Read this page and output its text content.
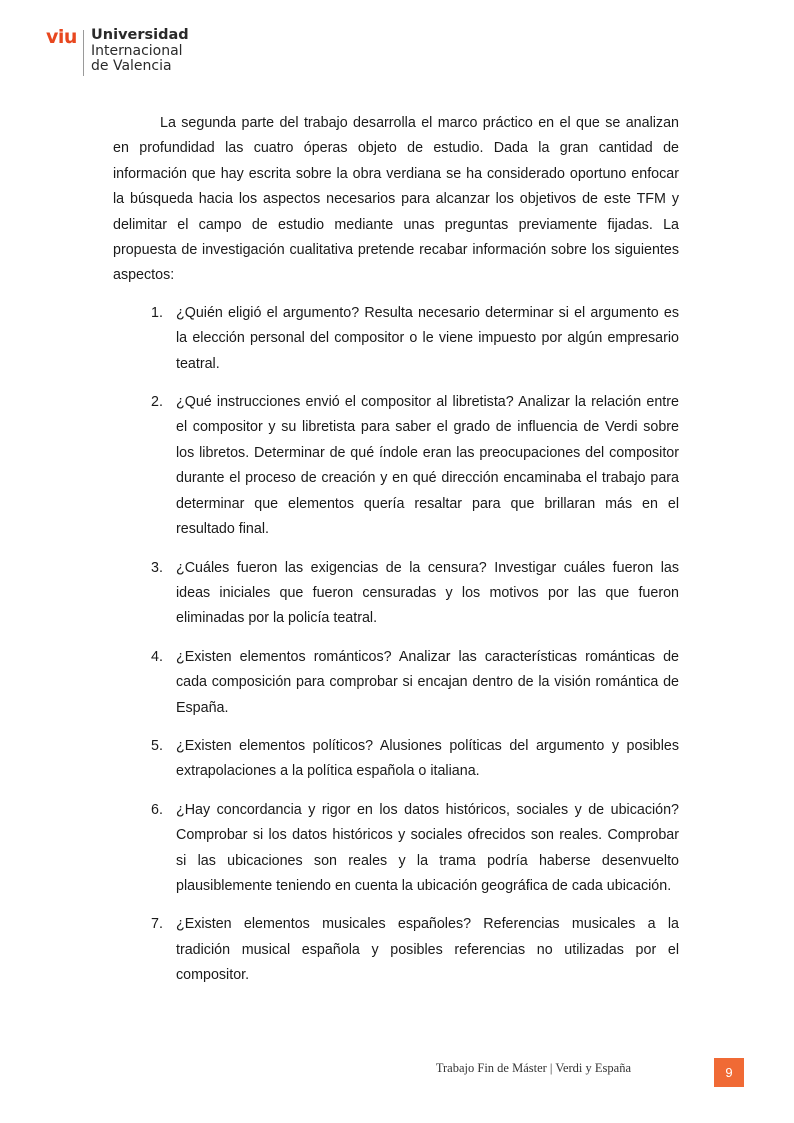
viu Universidad
Internacional
de Valencia

La segunda parte del trabajo desarrolla el marco práctico en el que se analizan en profundidad las cuatro óperas objeto de estudio. Dada la gran cantidad de información que hay escrita sobre la obra verdiana se ha considerado oportuno enfocar la búsqueda hacia los aspectos necesarios para alcanzar los objetivos de este TFM y delimitar el campo de estudio mediante unas preguntas previamente fijadas. La propuesta de investigación cualitativa pretende recabar información sobre los siguientes aspectos:

1. ¿Quién eligió el argumento? Resulta necesario determinar si el argumento es la elección personal del compositor o le viene impuesto por algún empresario teatral.
2. ¿Qué instrucciones envió el compositor al libretista? Analizar la relación entre el compositor y su libretista para saber el grado de influencia de Verdi sobre los libretos. Determinar de qué índole eran las preocupaciones del compositor durante el proceso de creación y en qué dirección encaminaba el trabajo para determinar que elementos quería resaltar para que brillaran más en el resultado final.
3. ¿Cuáles fueron las exigencias de la censura? Investigar cuáles fueron las ideas iniciales que fueron censuradas y los motivos por las que fueron eliminadas por la policía teatral.
4. ¿Existen elementos románticos? Analizar las características románticas de cada composición para comprobar si encajan dentro de la visión romántica de España.
5. ¿Existen elementos políticos? Alusiones políticas del argumento y posibles extrapolaciones a la política española o italiana.
6. ¿Hay concordancia y rigor en los datos históricos, sociales y de ubicación? Comprobar si los datos históricos y sociales ofrecidos son reales. Comprobar si las ubicaciones son reales y la trama podría haberse desenvuelto plausiblemente teniendo en cuenta la ubicación geográfica de cada ubicación.
7. ¿Existen elementos musicales españoles? Referencias musicales a la tradición musical española y posibles referencias no utilizadas por el compositor.
Trabajo Fin de Máster | Verdi y España	9
